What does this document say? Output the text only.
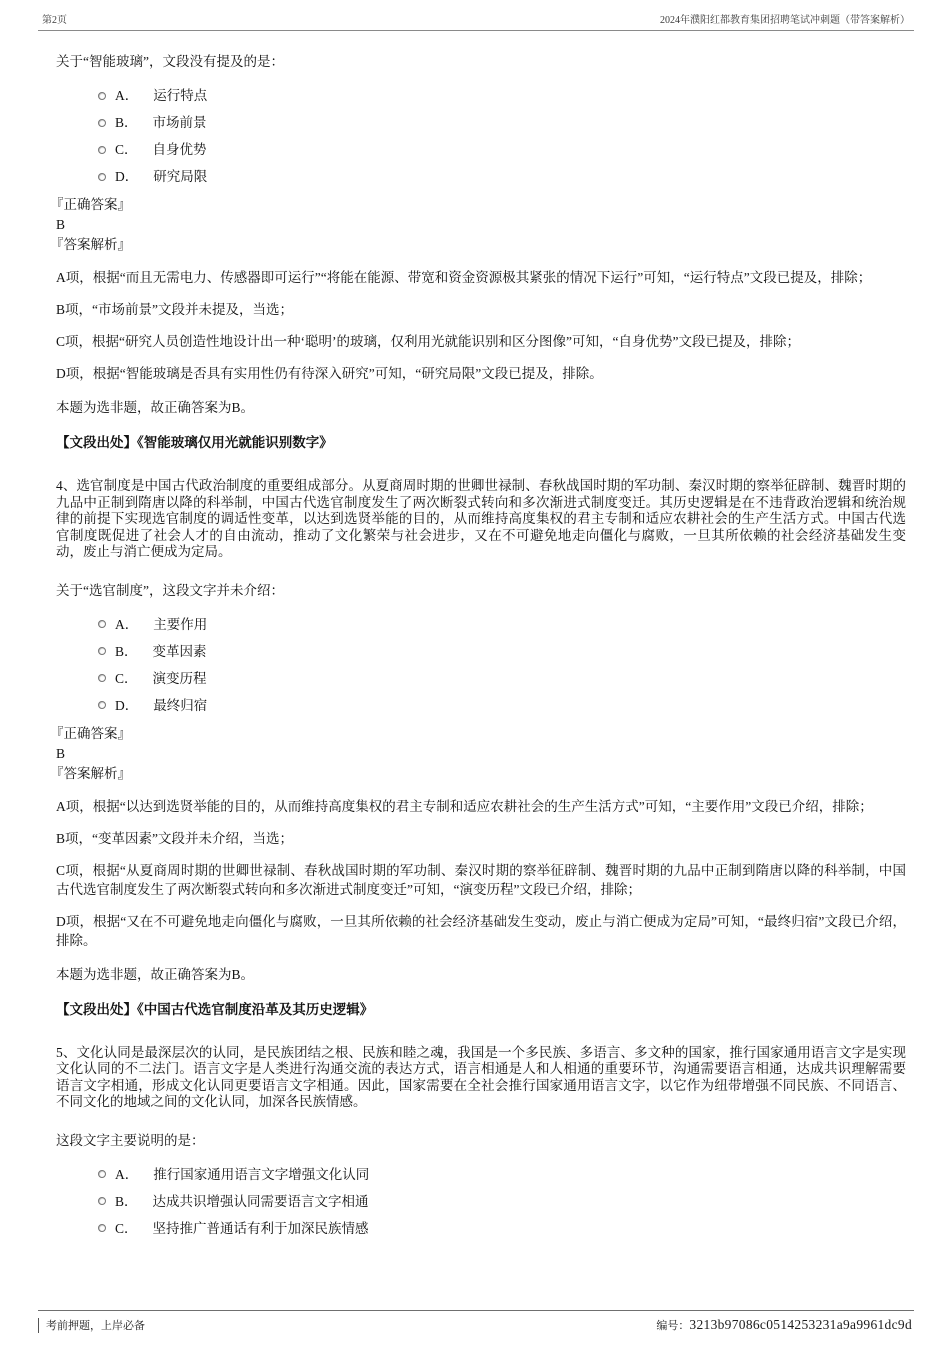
第2页	2024年濮阳红都教育集团招聘笔试冲刺题（带答案解析）

关于“智能玻璃”，文段没有提及的是：

A． 运行特点
B． 市场前景
C． 自身优势
D． 研究局限

『正确答案』

B

『答案解析』

A项，根据“而且无需电力、传感器即可运行”“将能在能源、带宽和资金资源极其紧张的情况下运行”可知，“运行特点”文段已提及，排除；

B项，“市场前景”文段并未提及，当选；

C项，根据“研究人员创造性地设计出一种‘聪明’的玻璃，仅利用光就能识别和区分图像”可知，“自身优势”文段已提及，排除；

D项，根据“智能玻璃是否具有实用性仍有待深入研究”可知，“研究局限”文段已提及，排除。

本题为选非题，故正确答案为B。

【文段出处】《智能玻璃仅用光就能识别数字》

4、选官制度是中国古代政治制度的重要组成部分。从夏商周时期的世卿世禄制、春秋战国时期的军功制、秦汉时期的察举征辟制、魏晋时期的九品中正制到隋唐以降的科举制，中国古代选官制度发生了两次断裂式转向和多次渐进式制度变迁。其历史逻辑是在不违背政治逻辑和统治规律的前提下实现选官制度的调适性变革，以达到选贤举能的目的，从而维持高度集权的君主专制和适应农耕社会的生产生活方式。中国古代选官制度既促进了社会人才的自由流动，推动了文化繁荣与社会进步，又在不可避免地走向僵化与腐败，一旦其所依赖的社会经济基础发生变动，废止与消亡便成为定局。

关于“选官制度”，这段文字并未介绍：

A． 主要作用
B． 变革因素
C． 演变历程
D． 最终归宿

『正确答案』

B

『答案解析』

A项，根据“以达到选贤举能的目的，从而维持高度集权的君主专制和适应农耕社会的生产生活方式”可知，“主要作用”文段已介绍，排除；

B项，“变革因素”文段并未介绍，当选；

C项，根据“从夏商周时期的世卿世禄制、春秋战国时期的军功制、秦汉时期的察举征辟制、魏晋时期的九品中正制到隋唐以降的科举制，中国古代选官制度发生了两次断裂式转向和多次渐进式制度变迁”可知，“演变历程”文段已介绍，排除；

D项，根据“又在不可避免地走向僵化与腐败，一旦其所依赖的社会经济基础发生变动，废止与消亡便成为定局”可知，“最终归宿”文段已介绍，排除。

本题为选非题，故正确答案为B。

【文段出处】《中国古代选官制度沿革及其历史逻辑》

5、文化认同是最深层次的认同，是民族团结之根、民族和睦之魂，我国是一个多民族、多语言、多文种的国家，推行国家通用语言文字是实现文化认同的不二法门。语言文字是人类进行沟通交流的表达方式，语言相通是人和人相通的重要环节，沟通需要语言相通，达成共识理解需要语言文字相通，形成文化认同更要语言文字相通。因此，国家需要在全社会推行国家通用语言文字，以它作为纽带增强不同民族、不同语言、不同文化的地域之间的文化认同，加深各民族情感。

这段文字主要说明的是：

A． 推行国家通用语言文字增强文化认同
B． 达成共识增强认同需要语言文字相通
C． 坚持推广普通话有利于加深民族情感
考前押题，上岸必备	编号： 3213b97086c0514253231a9a9961dc9d
